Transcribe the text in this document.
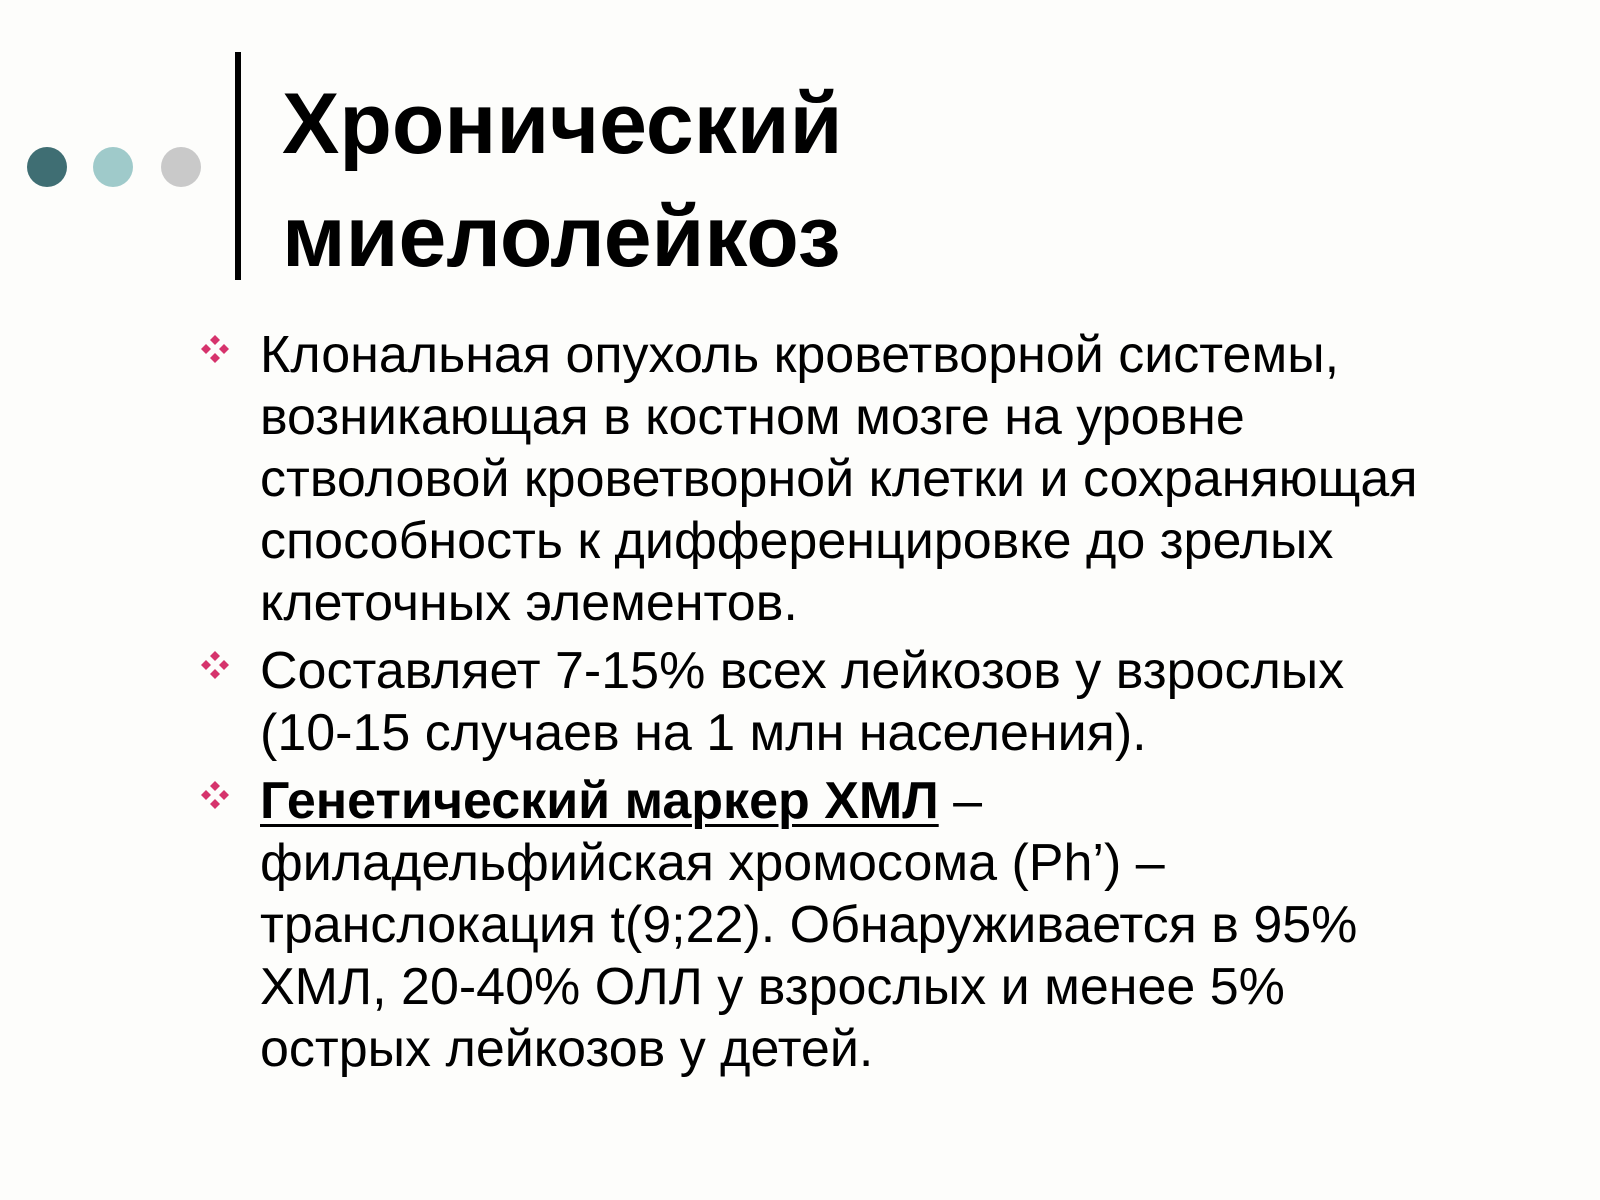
Хронический
миелолейкоз
Клональная опухоль кроветворной системы,
возникающая в костном мозге на уровне
стволовой кроветворной клетки и сохраняющая
способность к дифференцировке до зрелых
клеточных элементов.
Составляет 7-15% всех лейкозов у взрослых
(10-15 случаев на 1 млн населения).
Генетический маркер ХМЛ –
филадельфийская хромосома (Ph’) –
транслокация t(9;22). Обнаруживается в 95%
ХМЛ, 20-40% ОЛЛ у взрослых и менее 5%
острых лейкозов у детей.
